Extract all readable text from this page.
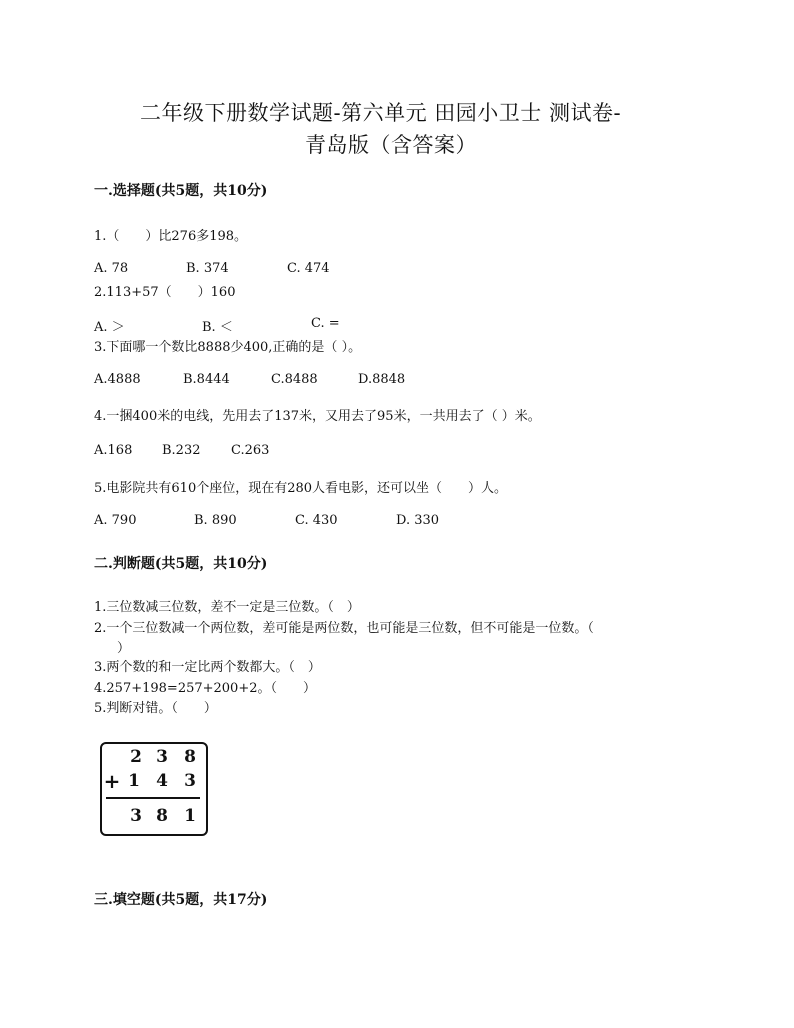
二年级下册数学试题-第六单元 田园小卫士 测试卷-
青岛版（含答案）
一.选择题(共5题，共10分)
1.（　　）比276多198。
A. 78	B. 374	C. 474
2.113+57（　　）160
A. ＞	B. ＜	C. =
3.下面哪一个数比8888少400,正确的是（ ）。
A.4888	B.8444	C.8488	D.8848
4.一捆400米的电线，先用去了137米，又用去了95米，一共用去了（ ）米。
A.168 B.232 C.263
5.电影院共有610个座位，现在有280人看电影，还可以坐（　　）人。
A. 790	B. 890	C. 430	D. 330
二.判断题(共5题，共10分)
1.三位数减三位数，差不一定是三位数。（　）
2.一个三位数减一个两位数，差可能是两位数，也可能是三位数，但不可能是一位数。（
）
3.两个数的和一定比两个数都大。（　）
4.257+198=257+200+2。（　　）
5.判断对错。（　　）
2 3 8
+ 1 4 3
3 8 1
三.填空题(共5题，共17分)
